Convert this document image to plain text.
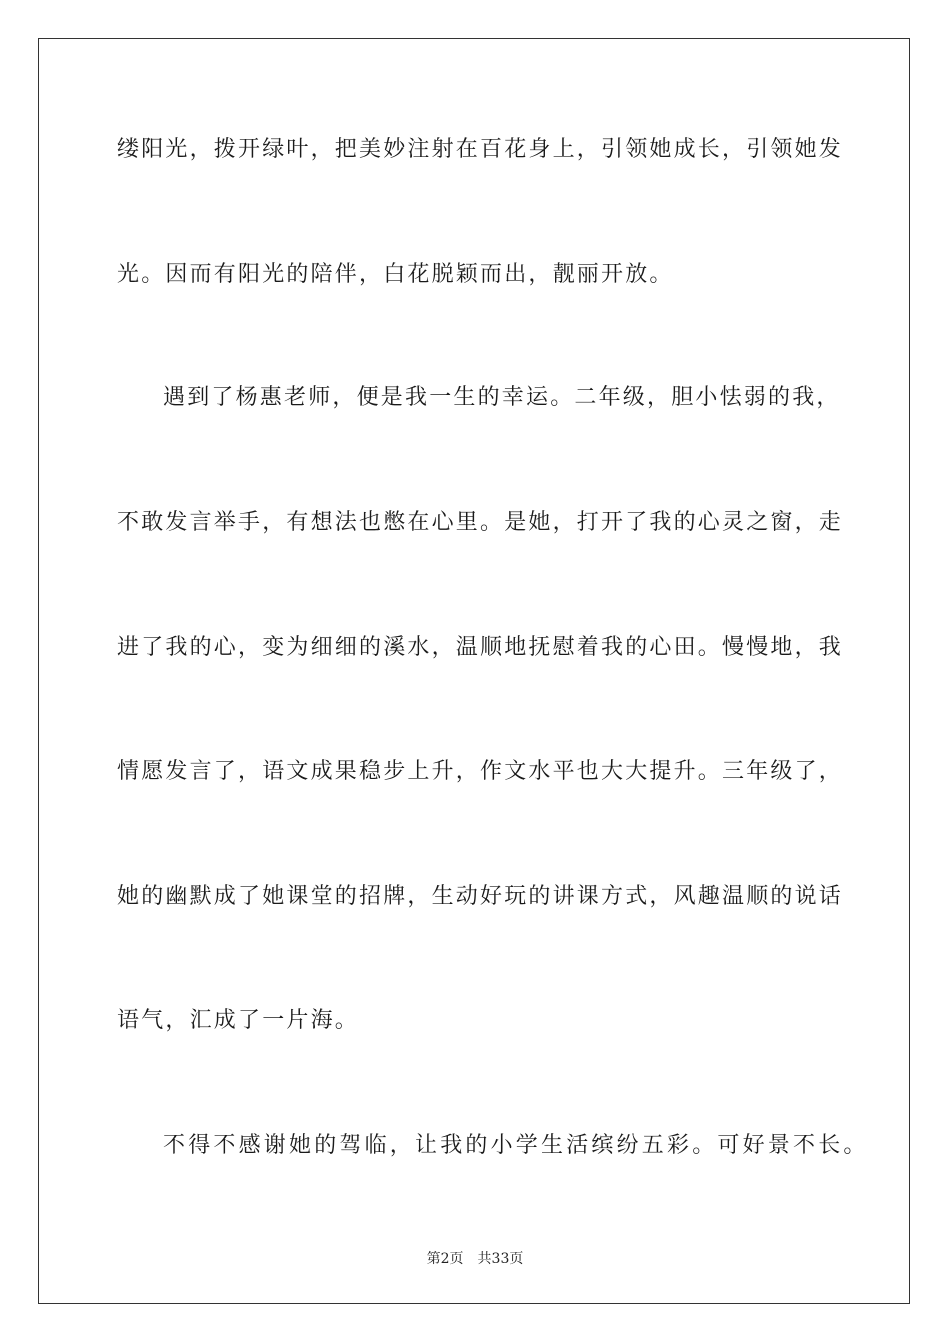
缕阳光，拨开绿叶，把美妙注射在百花身上，引领她成长，引领她发
光。因而有阳光的陪伴，白花脱颖而出，靓丽开放。
遇到了杨惠老师，便是我一生的幸运。二年级，胆小怯弱的我，
不敢发言举手，有想法也憋在心里。是她，打开了我的心灵之窗，走
进了我的心，变为细细的溪水，温顺地抚慰着我的心田。慢慢地，我
情愿发言了，语文成果稳步上升，作文水平也大大提升。三年级了，
她的幽默成了她课堂的招牌，生动好玩的讲课方式，风趣温顺的说话
语气，汇成了一片海。
不得不感谢她的驾临，让我的小学生活缤纷五彩。可好景不长。
第2页 共33页
